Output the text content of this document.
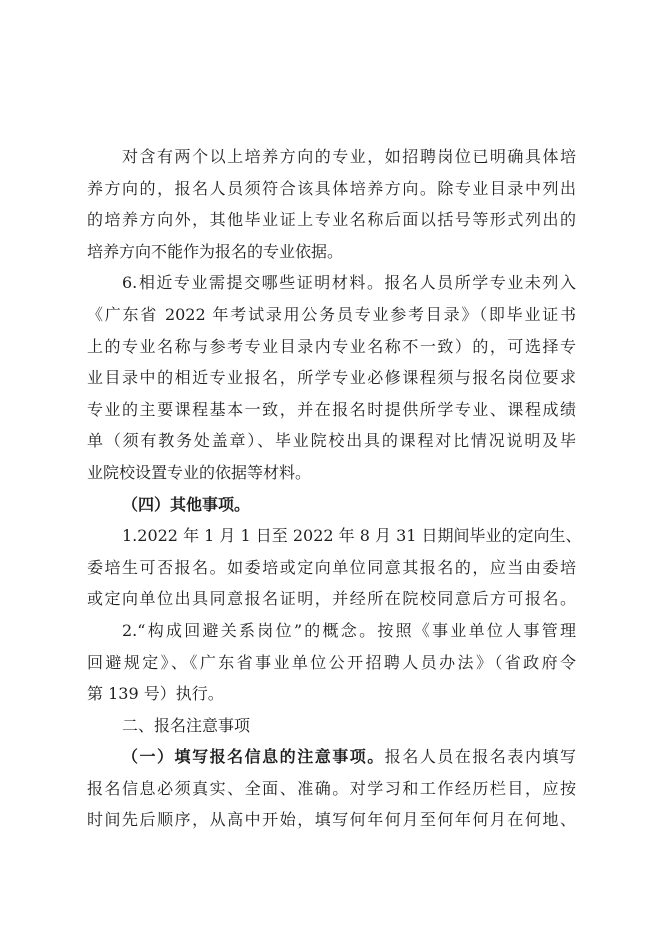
对含有两个以上培养方向的专业，如招聘岗位已明确具体培
养方向的，报名人员须符合该具体培养方向。除专业目录中列出
的培养方向外，其他毕业证上专业名称后面以括号等形式列出的
培养方向不能作为报名的专业依据。
6.相近专业需提交哪些证明材料。报名人员所学专业未列入
《广东省 2022 年考试录用公务员专业参考目录》（即毕业证书
上的专业名称与参考专业目录内专业名称不一致）的，可选择专
业目录中的相近专业报名，所学专业必修课程须与报名岗位要求
专业的主要课程基本一致，并在报名时提供所学专业、课程成绩
单（须有教务处盖章）、毕业院校出具的课程对比情况说明及毕
业院校设置专业的依据等材料。
（四）其他事项。
1.2022 年 1 月 1 日至 2022 年 8 月 31 日期间毕业的定向生、
委培生可否报名。如委培或定向单位同意其报名的，应当由委培
或定向单位出具同意报名证明，并经所在院校同意后方可报名。
2.“构成回避关系岗位”的概念。按照《事业单位人事管理
回避规定》、《广东省事业单位公开招聘人员办法》（省政府令
第 139 号）执行。
二、报名注意事项
（一）填写报名信息的注意事项。报名人员在报名表内填写
报名信息必须真实、全面、准确。对学习和工作经历栏目，应按
时间先后顺序，从高中开始，填写何年何月至何年何月在何地、
